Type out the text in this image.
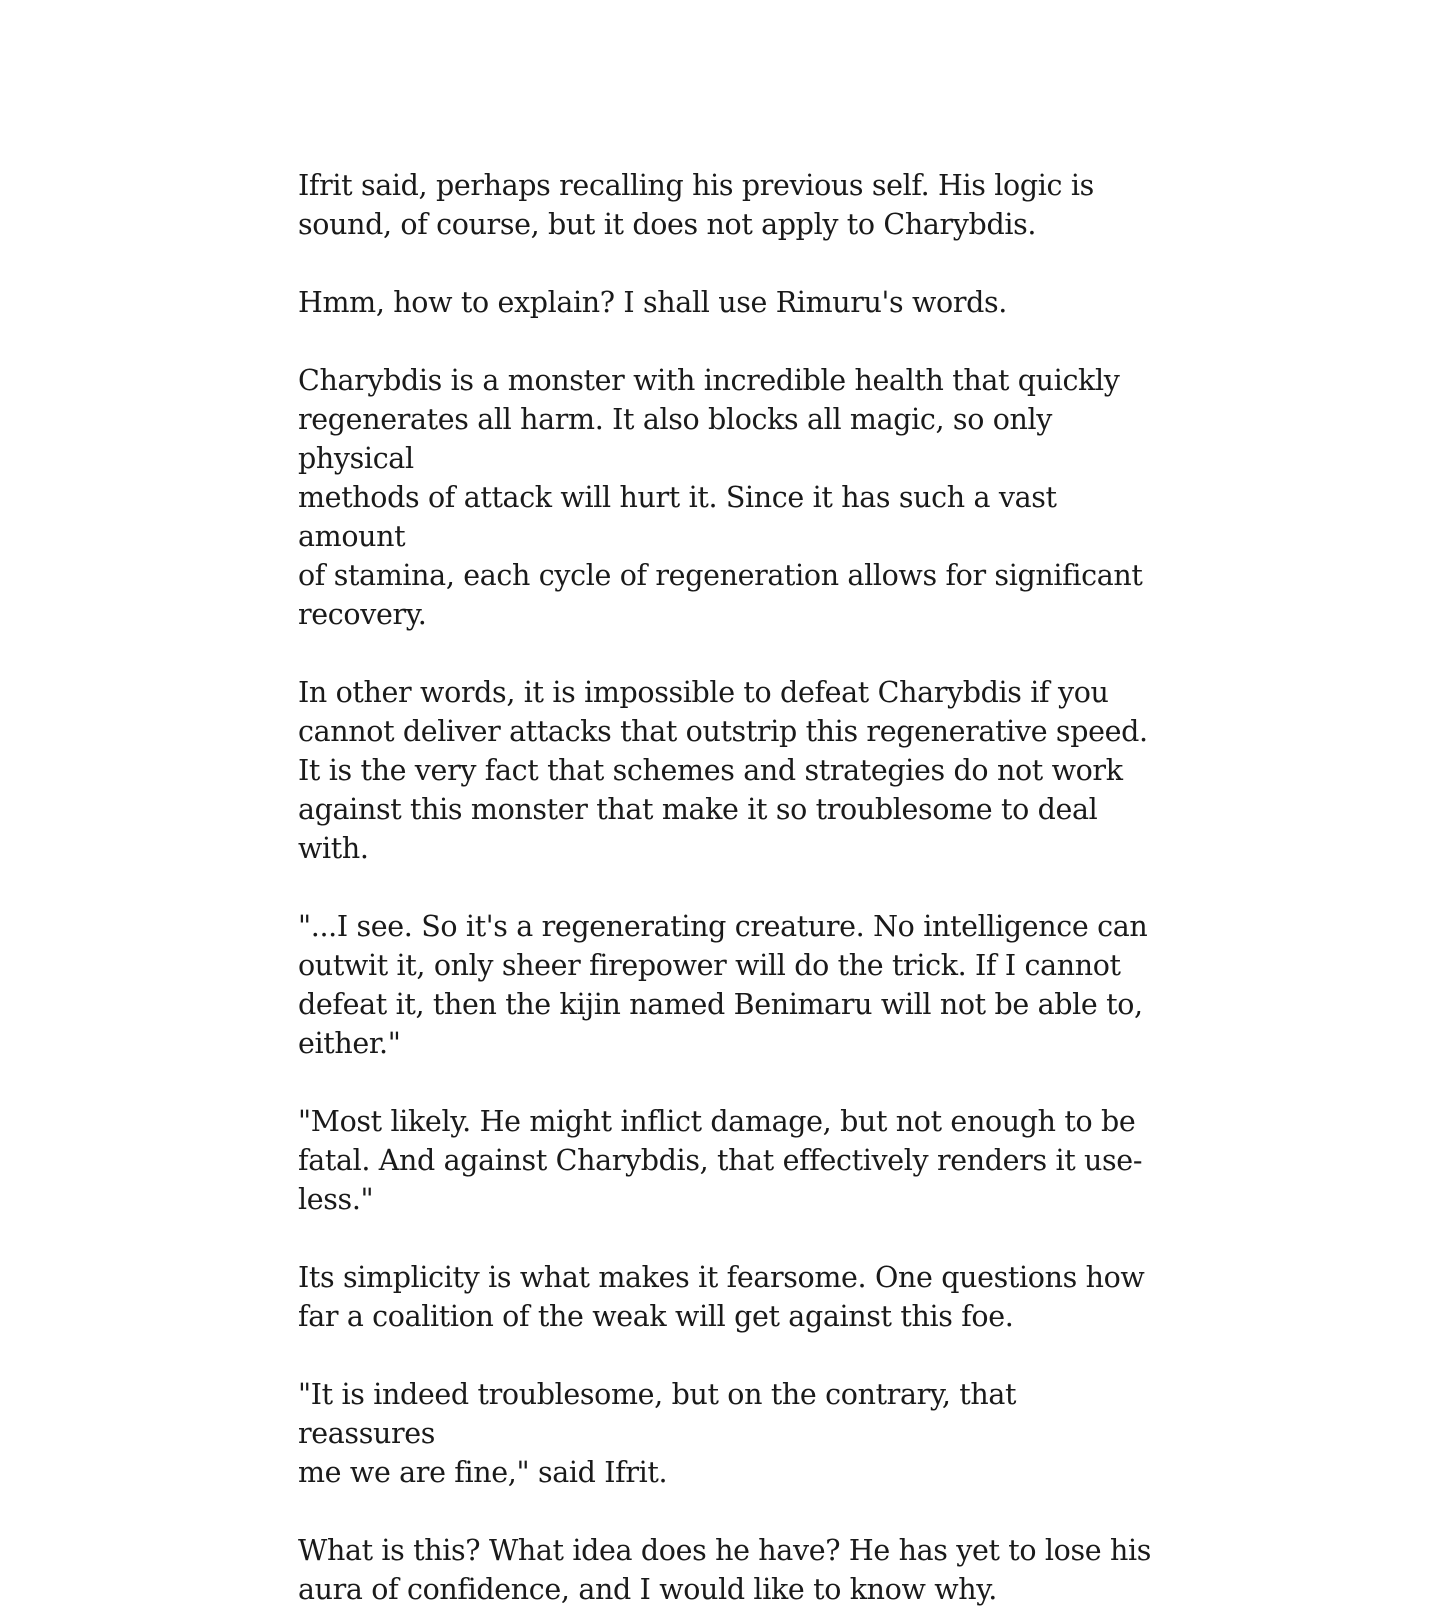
Ifrit said, perhaps recalling his previous self. His logic is
sound, of course, but it does not apply to Charybdis.

Hmm, how to explain? I shall use Rimuru's words.

Charybdis is a monster with incredible health that quickly
regenerates all harm. It also blocks all magic, so only physical
methods of attack will hurt it. Since it has such a vast amount
of stamina, each cycle of regeneration allows for significant
recovery.

In other words, it is impossible to defeat Charybdis if you
cannot deliver attacks that outstrip this regenerative speed.
It is the very fact that schemes and strategies do not work
against this monster that make it so troublesome to deal
with.

"...I see. So it's a regenerating creature. No intelligence can
outwit it, only sheer firepower will do the trick. If I cannot
defeat it, then the kijin named Benimaru will not be able to,
either."

"Most likely. He might inflict damage, but not enough to be
fatal. And against Charybdis, that effectively renders it use-
less."

Its simplicity is what makes it fearsome. One questions how
far a coalition of the weak will get against this foe.

"It is indeed troublesome, but on the contrary, that reassures
me we are fine," said Ifrit.

What is this? What idea does he have? He has yet to lose his
aura of confidence, and I would like to know why.
